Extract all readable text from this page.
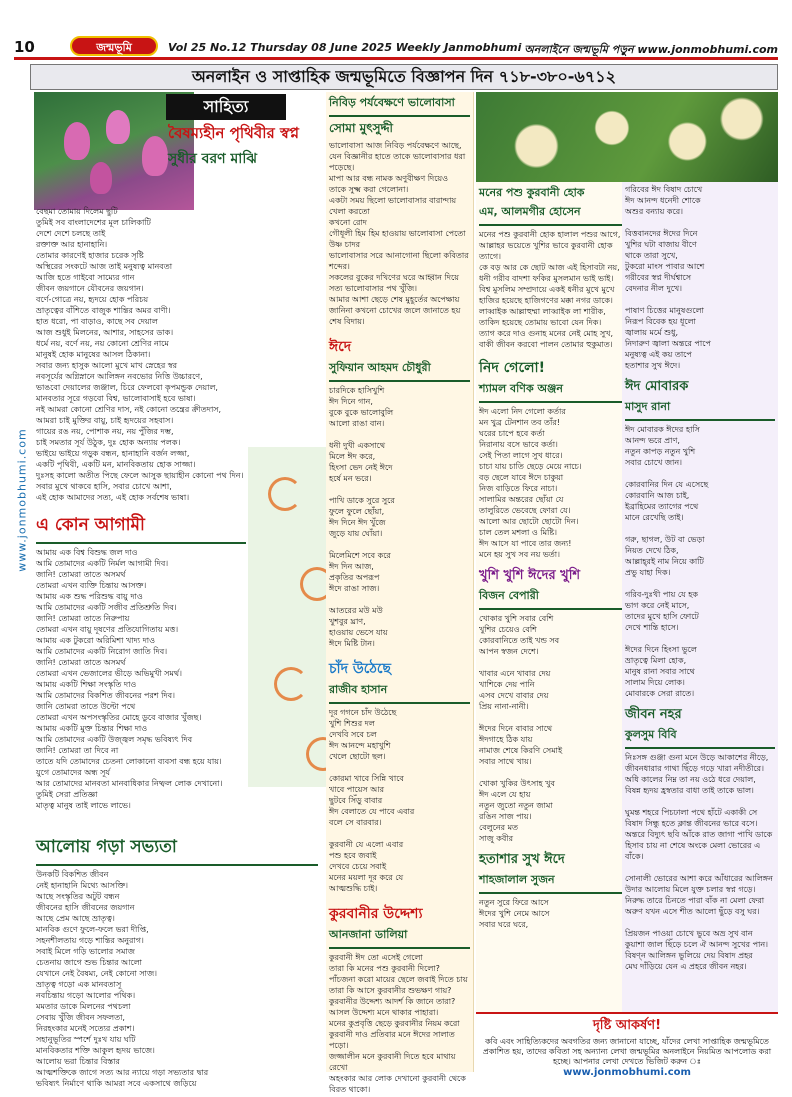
10	জন্মভূমি	Vol 25 No.12 Thursday 08 June 2025 Weekly Janmobhumi অনলাইনে জন্মভূমি পড়ুন www.jonmobhumi.com
অনলাইন ও সাপ্তাহিক জন্মভূমিতে বিজ্ঞাপন দিন ৭১৮-৩৮০-৬৭১২
www.jonmobhumi.com
সাহিত্য
বৈষম্যহীন পৃথিবীর স্বপ্ন
সুধীর বরণ মাঝি
বেছমা তোমায় দিলেম ছুটি
তুমিই সব বাংলাদেশের মূল চালিকাটি
দেশে দেশে চলছে তাই
রক্তাক্ত আর হানাহানি।
তোমার কারণেই হাজার চরেক সৃষ্টি
অস্থিরের সংকটে আজ তাই মনুষ্যত্ব মানবতা
আজি হতে গাইবো সাম্যের গান
জীবন জয়গানে যৌবনের জয়গান।
বর্ণে-গোত্রে নয়, হৃদয়ে হোক পরিচয়
ভ্রাতৃত্বের বাঁশিতে বাজুক শান্তির অমর বাণী।
হাত ধরো, পা বাড়াও, কাছে সব দেয়াল
আজ শুধুই মিলনের, আশার, সাহসের ডাক।
ধর্মে নয়, বর্ণে নয়, নয় কোনো শ্রেণির নামে
মানুষই হোক মানুষের আসল ঠিকানা।
সবার জন্য হাসুক আলো মুখে মাখ স্নেহের স্বর
নবসূর্যের অগ্নিস্নানে আলিঙ্গন নবভোর নিত্তি উচ্চারণে,
ভাঙবো দেয়ালের জঞ্জাল, চিরে ফেলবো কৃপমন্ডুক দেয়াল,
মানবতার সূরে গড়বো বিশ্ব, ভালোবাসাই হবে ভাষা।
নই আমরা কোনো শ্রেণির দাস, নই কোনো তন্ত্রের ক্রীতদাস,
আমরা চাই মুক্তির বায়ু, চাই হৃদয়ের সহবাস।
গায়ের রঙ নয়, পোশাক নয়, নয় পুঁজির দম্ভ,
চাই সমতার সূর্য উঠুক, দুঃ হোক অন্যায় পলক।
ভাইয়ে ভাইয়ে গড়ুক বন্ধন, হানাহানি বর্জন লজ্জা,
একটি পৃথিবী, একটি মন, মানবিকতায় হোক সাজ্জা।
দুঃসহ কালো অতীত পিছে ফেলে আসুক ছায়াহীন কোনো পথ দিন।
সবার মুখে থাকবে হাসি, সবার চোখে আশা,
এই হোক আমাদের সত্য, এই হোক সর্বশেষ ভাষা।
এ কোন আগামী
আমায় এক বিশ্ব বিশুদ্ধ জল দাও
আমি তোমাদের একটি নির্মল আগামী দিব।
জানি! তোমরা তাতে অসমর্থ
তোমরা এখন ব্যক্তি চিন্তায় আসক্ত।
আমায় এক শুদ্ধ পরিশুদ্ধ বায়ু দাও
আমি তোমাদের একটি সজীব প্রতিশ্রুতি দিব।
জানি! তোমরা তাতে নিরুপায়
তোমরা এখন বায়ু দূষণের প্রতিযোগিতায় মত্ত।
আমায় এক টুকরো অরিমিশা খাদ্য দাও
আমি তোমাদের একটি নিরোগ জাতি দিব।
জানি! তোমরা তাতে অসমর্থ
তোমরা এখন ভেজালের ভীড়ে অভিমুখী সমর্থ।
আমায় একটি শিক্ষা সংস্কৃতি দাও
আমি তোমাদের বিকশিত জীবনের পরশ দিব।
জানি তোমরা তাতে উল্টো পথে
তোমরা এখন অপসংস্কৃতির মোহে ডুবে বাজার খুঁজছ।
আমায় একটি মুক্ত চিন্তার শিক্ষা দাও
আমি তোমাদের একটি উজ্জ্বল সমৃদ্ধ ভবিষ্যৎ দিব
জানি! তোমরা তা দিবে না
তাতে যদি তোমাদের চেতনা লোকানো ব্যবসা বন্ধ হয়ে যায়।
যুগে তোমাদের অন্ধ সূর্য
আর তোমাদের মানবতা মানবাধিকার নিষ্ফল লোক দেখানো।
তুমিই সেরা প্রতিজ্ঞা
মাতৃত্ব মানুষ তাই লাভে লাভে।
আলোয় গড়া সভ্যতা
উনকটি বিকশিত জীবন
নেই হানাহানি মিথ্যে আসক্তি।
আছে সংস্কৃতির অটুট বন্ধন
জীবনের হাসি জীবনের জয়গান
আছে প্রেম আছে ভ্রাতৃত্ব।
মানবিক গুণে ফুলে-ফলে ভরা দীপ্তি,
সহনশীলতায় গড়ে শান্তির অনুরাগ।
সবাই মিলে গড়ি ভালোর সমাজ
চেতনায় জাগে শুভ চিন্তার আলো
যেখানে নেই বৈষম্য, নেই কোনো সাজ।
ভ্রাতৃত্ব গড়ো এক মানবতাসূ
নবচিন্তায় গড়ো আলোর পথিক।
মমতার ডাকে মিলনের পথচলা
সেবায় খুঁজি জীবন সফলতা,
নিরহংকার মনেই সত্যের প্রকাশ।
সহানুভূতির স্পর্শে দুঃখ যায় ঘটি
মানবিকতার শক্তি আকুল হৃদয় ভাজে।
আলোয় ভরা চিন্তার বিস্তার
আত্মশক্তিকে জাগে সত্য আর ন্যায়ে গড়া সভ্যতার দ্বার
ভবিষ্যৎ নির্মাণে থাকি আমরা সবে একসাথে জড়িয়ে
নিবিড় পর্যবেক্ষণে ভালোবাসা
সোমা মুৎসুদ্দী
ভালোবাসা আজ নিবিড় পর্যবেক্ষণে আছে,
যেন বিজ্ঞানীর হাতে তাকে ভালোবাসার ধরা পড়েছে।
মাপা আর বন্ধ নামক অণুবীক্ষণ দিয়েও
তাকে সুক্ষ্ম করা গেলোনা।
একটা সময় ছিলো ভালোবাসার বারান্দায় খেলা করতো
কখনো রোদ
গৌধূলী হিম হিম হাওয়ায় ভালোবাসা পেতো উষ্ণ চাদর
ভালোবাসার সরে আনাগোনা ছিলো কবিতার শব্দের।
সকলের বুকের দখিণের ঘরে আহ্বান দিয়ে
সত্য ভালোবাসার পথ খুঁজি।
আমার আশা ছেড়ে শেষ মুহূর্তের অপেক্ষায়
জানিনা কখনো চোখের জলে জানাতে হয় শেষ বিদায়।
ঈদে
সুফিয়ান আহমদ চৌধুরী
চারদিকে হাসিখুশি
ঈদ দিনে গান,
বুকে বুকে ভালোবুলি
আলো রাঙা বান।

ধনী দুখী একসাথে
মিলে ঈদ করে,
হিংসা ভেদ নেই ঈদে
হর্ষে মন ভরে।

পাখি ডাকে সুরে সুরে
ফুলে ফুলে ছোঁয়া,
ঈদ দিনে ঈদ খুঁজে
জুড়ে যায় ঘোঁয়া।

মিলেমিশে সবে করে
ঈদ দিন আজ,
প্রকৃতির অপরূপ
ঈদে রাঙা সাজ।

আতরের মউ মউ
খুশবুর ঘ্রাণ,
হাওয়ায় ভেসে যায়
ঈদে মিষ্টি টান।
চাঁদ উঠেছে
রাজীব হাসান
দূর গগনে চাঁদ উঠেছে
খুশি শিশুর দল
দেখবি সবে চল
ঈদ আনন্দে মহাখুশি
খেলে ছোটো ছল।

কোরমা খাবে সিন্নি খাবে
খাবে পায়েস আর
ছুটবে সিঁড়ু বাবার
ঈদ বেলাতে যে পাবে এবার
বলে সে বারবার।

কুরবানী যে এলো এবার
পশু হবে জবাই
দেখবে চেয়ে সবাই
মনের ময়লা দূর করে যে
আত্মশুদ্ধি চাই।
কুরবানীর উদ্দেশ্য
আনজানা ডালিয়া
কুরবানী ঈদ তো এসেই গেলো
তারা কি মনের পশু কুরবানী দিলো?
পাঁচজনা করো মায়ের ছেলে জবাই দিতে চায়
তারা কি আসে কুরবানীর শুভক্ষণ গায়?
কুরবানীর উদ্দেশ্য আদর্শ কি জানে তারা?
আসল উদ্দেশ্য মনে থাকার পাহারা।
মনের কুপ্রবৃত্তি ছেড়ে কুরবানীর নিয়ম করো
কুরবানী দাও প্রতিবার মনে ঈদের সালাত পড়ো।
জজ্জালীন মনে কুরবানী দিতে হবে মাথায় রেখো
অহংকার আর লোক দেখানো কুরবানী থেকে বিরত থাকো।
মনের পশু কুরবানী হোক
এম, আলমগীর হোসেন
মনের পশু কুরবানী হোক হালাল পশুর আগে,
আল্লাহর ভয়েতে খুশির ভাবে কুরবানী হোক ত্যাগে।
কে বড় আর কে ছোট আজ এই হিসাবটা নয়,
ধনী গরীব বাদশা ফকির মুসলমান ভাই ভাই।
বিশ্ব মুসলিম সম্প্রদায়ে একই ধনীর মুখে মুখে
হাজির হয়েছে হাজিগণের মক্কা নগর ডাকে।
লাব্বাইক আল্লাহুম্মা লাব্বাইক লা শারীক,
তাকিদ হয়েছে তোমায় ভাবো যেন দিক।
ত্যাগ করে দাও গুনাহ মনের নেই মোহ সুখ,
বাকী জীবন করবো পালন তোমার হুকুমাত।
নিদ গেলো!
শ্যামল বণিক অঞ্জন
ঈদ এলো নিদ গেলো কর্তার
মন খুব্র টেনশান তব তাঁর!
ঘরের চাপে হবে কর্তা
নিরানায় বসে ভাবে কর্তা।
সেই পিতা লাগে সুখ ধারে।
চাচা যায় চাতি ছেড়ে মেয়ে নাচে।
বড় ছেলে যাবে ঈদে চাকুয়া
নিজ বাড়িতে ফিরে নাচা।
সালামির অন্তরের ছোঁয়া যে
তালুরিতে ভেবেছে ফোরা যে।
আলো আর ছোটো ছোটো দিন।
চাল তেল মশলা ও মিষ্টি।
ঈদ আসে যা পাবে তার জন্য!
মনে হয় সুখ সব নয় ভর্তা।
খুশি খুশি ঈদের খুশি
বিজন বেপারী
খোকার খুশি সবার বেশি
খুশির চেয়েও বেশি
কোরবানিতে তাই খন্ড সব
আপন স্বজন দেশে।

খাবার এনে খাবার দেয়
খাশিকে দেয় পানি
এসব দেখে বাবার দেয়
প্রিয় নানা-নানী।

ঈদের দিনে বাবার সাথে
ঈদগাহে ঠিক যায়
নামাজ শেষে কিরণি সেমাই
সবার সাথে খায়।

খোকা খুকির উৎসাহ খুব
ঈদ এলে যে হায়
নতুন জুতো নতুন জামা
রঙিন সাজ পায়।
বেলুনের মত
সাজু কবীর
হতাশার সুখ ঈদে
শাহজালাল সুজন
নতুন সুরে ফিরে আসে
ঈদের খুশি নেমে আসে
সবার ঘরে ঘরে,
গরিবের ঈদ বিষাদ চোখে
ঈদ আনন্দ ধনেদী শোকে
অশুর বন্যায় করে।

বিত্তবানদের ঈদের দিনে
খুশির ঘটা বাজায় বীণে
থাকে তারা সুখে,
টুকরো মাংস পাবার আশে
গরীবের স্বপ্ন দীর্ঘশ্বাসে
বেদনার নীল দুখে।

পাষাণ চিত্তের মানুষগুলো
নিরূপ বিবেক হয় ধূলো
জ্বালায় মর্মে শুধু,
নিদারুণ জ্বালা অন্তরে পাপে
মনুষ্যত্ব এই কয় তাপে
হতাশার সুখ ঈদে।
ঈদ মোবারক
মাসুদ রানা
ঈদ মোবারক ঈদের হাসি
আনন্দ ভরে প্রাণ,
নতুন কাপড় নতুন খুশি
সবার চোখে জান।

কোরবানির দিন যে এসেছে
কোরবানি আজ চাই,
ইব্রাহিমের ত্যাগের পথে
মানে রেখেছি তাই।

গরু, ছাগল, উট বা ভেড়া
নিয়ত দেখে ঠিক,
আল্লাহ্‌রই নাম নিয়ে কাটি
প্রভু যাহা দিক।

গরিব-দুঃখী পায় যে হক
ভাগ করে নেই মাসে,
তাদের মুখে হাসি ফোটে
দেখে শান্তি হাসে।

ঈদের দিনে হিংসা ভুলে
ভ্রাতৃত্বে মিলা হোক,
মানুষ রানা সবার সাথে
সালাম দিয়ে লোক।
মোবারকে সেরা রাতে।
জীবন নহর
কুলসুম বিবি
নিঃসঙ্গ গুঞ্জা গুনা মনে উড়ে আকাশের নীড়ে,
জীবনধারার গাথা ছিঁড়ে গড়ে খারা নদীতীরে।
অধি কালের নিম্ন তা নয় ওঠে ধরে দেয়াল,
বিষন্ন হৃদয় হ্রস্বতার বাধা তাই তাকে ভাল।

ঘুমন্ত শহরে পিচঢালা পথে হাঁটে একাকী সে
বিষাদ সিন্ধু হতে ক্লান্ত জীবনের ভারে বসে।
অন্তরে বিদ্যুৎ ছবি আঁকে রাত জাগা পাখি ডাকে
হিসাব চায় না শেষে অংকে মেলা ভোরের এ বাঁকে।

সোনালী ভোরের আশা করে আঁধারের আলিঙ্গন
উদার আলোয় মিলে যুক্ত চলার স্বপ্ন গড়ে।
নিরুদ্ধ তারে চিনতে পারা বাঁক না মেলা ফেরা
অরুণ যখন এসে শীত আলো ছুঁড়ে বসু ঘর।

প্রিয়জন পাওয়া চোখে ভুবে অভ্র সুখ বান
কুয়াশা জাল ছিঁড়ে চলে ঐ আনন্দ সুখের পান।
বিষণ্ন আলিঙ্গন ভুলিয়ে দেয় বিষাদ প্রহর
মেঘ দাঁড়িয়ে যেন এ প্রহরে জীবন নহর।
দৃষ্টি আকর্ষণ!

কবি এবং সাহিত্যিকদের অবগতির জন্য জানানো যাচ্ছে, যাঁদের লেখা সাপ্তাহিক জন্মভূমিতে প্রকাশিত হয়, তাদের কবিতা সহ অন্যান্য লেখা জন্মভূমির অনলাইনে নিয়মিত আপলোড করা হচ্ছে। আপনার লেখা দেখতে ভিজিট করুন ঃ

www.jonmobhumi.com
